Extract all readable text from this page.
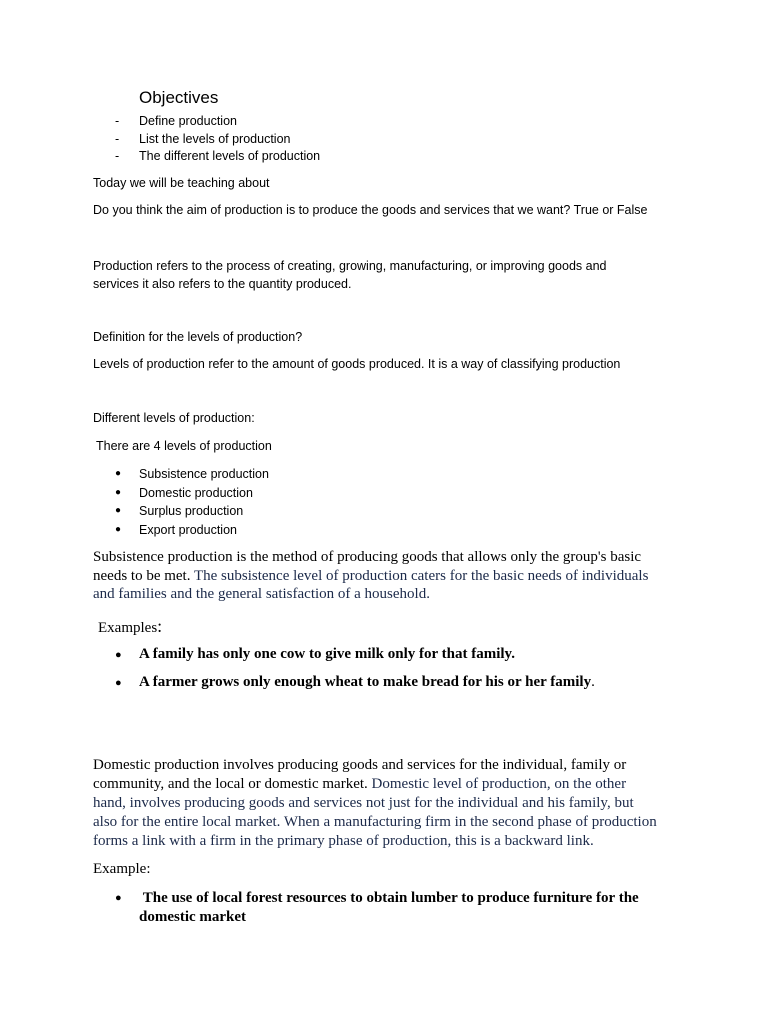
Objectives
- Define production
- List the levels of production
- The different levels of production

Today we will be teaching about

Do you think the aim of production is to produce the goods and services that we want? True or False

Production refers to the process of creating, growing, manufacturing, or improving goods and
services it also refers to the quantity produced.

Definition for the levels of production?

Levels of production refer to the amount of goods produced. It is a way of classifying production

Different levels of production:

There are 4 levels of production

● Subsistence production
● Domestic production
● Surplus production
● Export production

Subsistence production is the method of producing goods that allows only the group's basic
needs to be met. The subsistence level of production caters for the basic needs of individuals
and families and the general satisfaction of a household.

Examples:

● A family has only one cow to give milk only for that family.
● A farmer grows only enough wheat to make bread for his or her family.

Domestic production involves producing goods and services for the individual, family or
community, and the local or domestic market. Domestic level of production, on the other
hand, involves producing goods and services not just for the individual and his family, but
also for the entire local market. When a manufacturing firm in the second phase of production
forms a link with a firm in the primary phase of production, this is a backward link.

Example:

● The use of local forest resources to obtain lumber to produce furniture for the
domestic market
